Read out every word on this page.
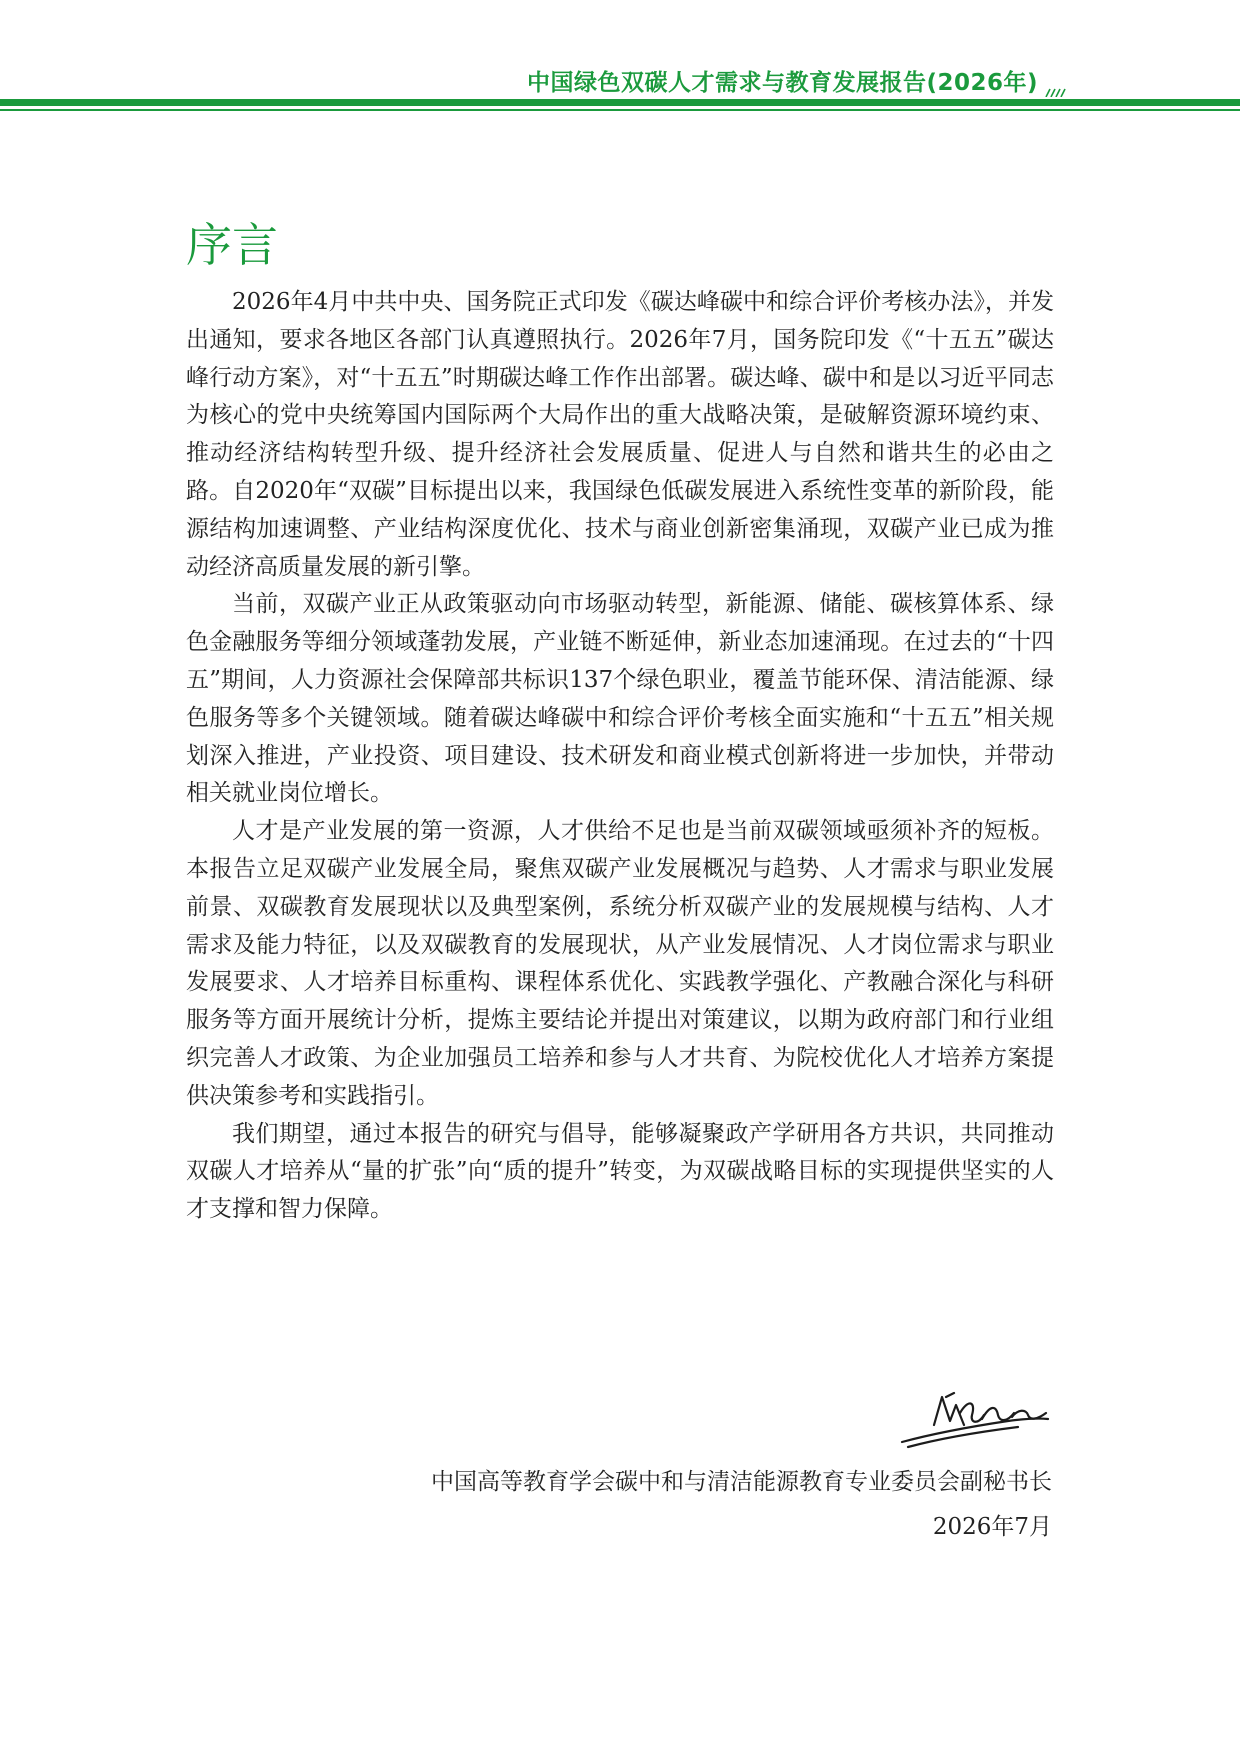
中国绿色双碳人才需求与教育发展报告(2026年)
序言

2026年4月中共中央、国务院正式印发《碳达峰碳中和综合评价考核办法》，并发出通知，要求各地区各部门认真遵照执行。2026年7月，国务院印发《“十五五”碳达峰行动方案》，对“十五五”时期碳达峰工作作出部署。碳达峰、碳中和是以习近平同志为核心的党中央统筹国内国际两个大局作出的重大战略决策，是破解资源环境约束、推动经济结构转型升级、提升经济社会发展质量、促进人与自然和谐共生的必由之路。自2020年“双碳”目标提出以来，我国绿色低碳发展进入系统性变革的新阶段，能源结构加速调整、产业结构深度优化、技术与商业创新密集涌现，双碳产业已成为推动经济高质量发展的新引擎。

当前，双碳产业正从政策驱动向市场驱动转型，新能源、储能、碳核算体系、绿色金融服务等细分领域蓬勃发展，产业链不断延伸，新业态加速涌现。在过去的“十四五”期间，人力资源社会保障部共标识137个绿色职业，覆盖节能环保、清洁能源、绿色服务等多个关键领域。随着碳达峰碳中和综合评价考核全面实施和“十五五”相关规划深入推进，产业投资、项目建设、技术研发和商业模式创新将进一步加快，并带动相关就业岗位增长。

人才是产业发展的第一资源，人才供给不足也是当前双碳领域亟须补齐的短板。本报告立足双碳产业发展全局，聚焦双碳产业发展概况与趋势、人才需求与职业发展前景、双碳教育发展现状以及典型案例，系统分析双碳产业的发展规模与结构、人才需求及能力特征，以及双碳教育的发展现状，从产业发展情况、人才岗位需求与职业发展要求、人才培养目标重构、课程体系优化、实践教学强化、产教融合深化与科研服务等方面开展统计分析，提炼主要结论并提出对策建议，以期为政府部门和行业组织完善人才政策、为企业加强员工培养和参与人才共育、为院校优化人才培养方案提供决策参考和实践指引。

我们期望，通过本报告的研究与倡导，能够凝聚政产学研用各方共识，共同推动双碳人才培养从“量的扩张”向“质的提升”转变，为双碳战略目标的实现提供坚实的人才支撑和智力保障。

中国高等教育学会碳中和与清洁能源教育专业委员会副秘书长
2026年7月
